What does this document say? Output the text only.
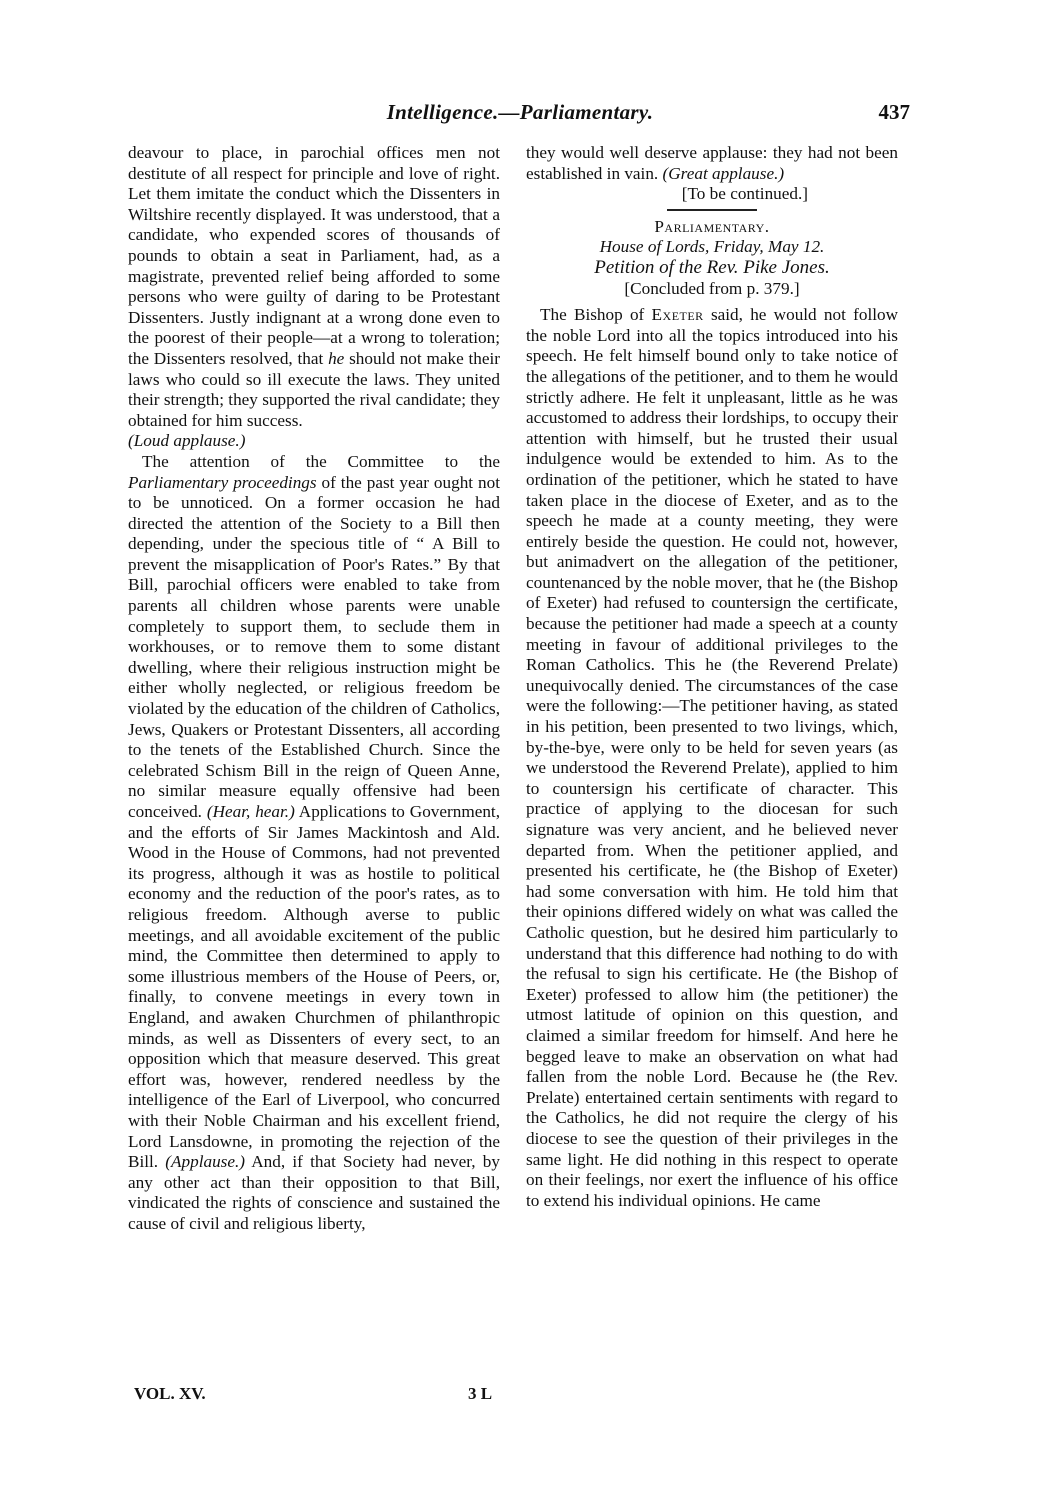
Intelligence.—Parliamentary.	437

deavour to place, in parochial offices men not destitute of all respect for principle and love of right. Let them imitate the conduct which the Dissenters in Wiltshire recently displayed. It was understood, that a candidate, who expended scores of thousands of pounds to obtain a seat in Parliament, had, as a magistrate, prevented relief being afforded to some persons who were guilty of daring to be Protestant Dissenters. Justly indignant at a wrong done even to the poorest of their people—at a wrong to toleration; the Dissenters resolved, that he should not make their laws who could so ill execute the laws. They united their strength; they supported the rival candidate; they obtained for him success.
(Loud applause.)

The attention of the Committee to the Parliamentary proceedings of the past year ought not to be unnoticed. On a former occasion he had directed the attention of the Society to a Bill then depending, under the specious title of “ A Bill to prevent the misapplication of Poor's Rates.” By that Bill, parochial officers were enabled to take from parents all children whose parents were unable completely to support them, to seclude them in workhouses, or to remove them to some distant dwelling, where their religious instruction might be either wholly neglected, or religious freedom be violated by the education of the children of Catholics, Jews, Quakers or Protestant Dissenters, all according to the tenets of the Established Church. Since the celebrated Schism Bill in the reign of Queen Anne, no similar measure equally offensive had been conceived. (Hear, hear.) Applications to Government, and the efforts of Sir James Mackintosh and Ald. Wood in the House of Commons, had not prevented its progress, although it was as hostile to political economy and the reduction of the poor's rates, as to religious freedom. Although averse to public meetings, and all avoidable excitement of the public mind, the Committee then determined to apply to some illustrious members of the House of Peers, or, finally, to convene meetings in every town in England, and awaken Churchmen of philanthropic minds, as well as Dissenters of every sect, to an opposition which that measure deserved. This great effort was, however, rendered needless by the intelligence of the Earl of Liverpool, who concurred with their Noble Chairman and his excellent friend, Lord Lansdowne, in promoting the rejection of the Bill. (Applause.) And, if that Society had never, by any other act than their opposition to that Bill, vindicated the rights of conscience and sustained the cause of civil and religious liberty,

they would well deserve applause: they had not been established in vain. (Great applause.)

[To be continued.]

Parliamentary.

House of Lords, Friday, May 12.

Petition of the Rev. Pike Jones.

[Concluded from p. 379.]

The Bishop of Exeter said, he would not follow the noble Lord into all the topics introduced into his speech. He felt himself bound only to take notice of the allegations of the petitioner, and to them he would strictly adhere. He felt it unpleasant, little as he was accustomed to address their lordships, to occupy their attention with himself, but he trusted their usual indulgence would be extended to him. As to the ordination of the petitioner, which he stated to have taken place in the diocese of Exeter, and as to the speech he made at a county meeting, they were entirely beside the question. He could not, however, but animadvert on the allegation of the petitioner, countenanced by the noble mover, that he (the Bishop of Exeter) had refused to countersign the certificate, because the petitioner had made a speech at a county meeting in favour of additional privileges to the Roman Catholics. This he (the Reverend Prelate) unequivocally denied. The circumstances of the case were the following:—The petitioner having, as stated in his petition, been presented to two livings, which, by-the-bye, were only to be held for seven years (as we understood the Reverend Prelate), applied to him to countersign his certificate of character. This practice of applying to the diocesan for such signature was very ancient, and he believed never departed from. When the petitioner applied, and presented his certificate, he (the Bishop of Exeter) had some conversation with him. He told him that their opinions differed widely on what was called the Catholic question, but he desired him particularly to understand that this difference had nothing to do with the refusal to sign his certificate. He (the Bishop of Exeter) professed to allow him (the petitioner) the utmost latitude of opinion on this question, and claimed a similar freedom for himself. And here he begged leave to make an observation on what had fallen from the noble Lord. Because he (the Rev. Prelate) entertained certain sentiments with regard to the Catholics, he did not require the clergy of his diocese to see the question of their privileges in the same light. He did nothing in this respect to operate on their feelings, nor exert the influence of his office to extend his individual opinions. He came

VOL. XV.	3 L
